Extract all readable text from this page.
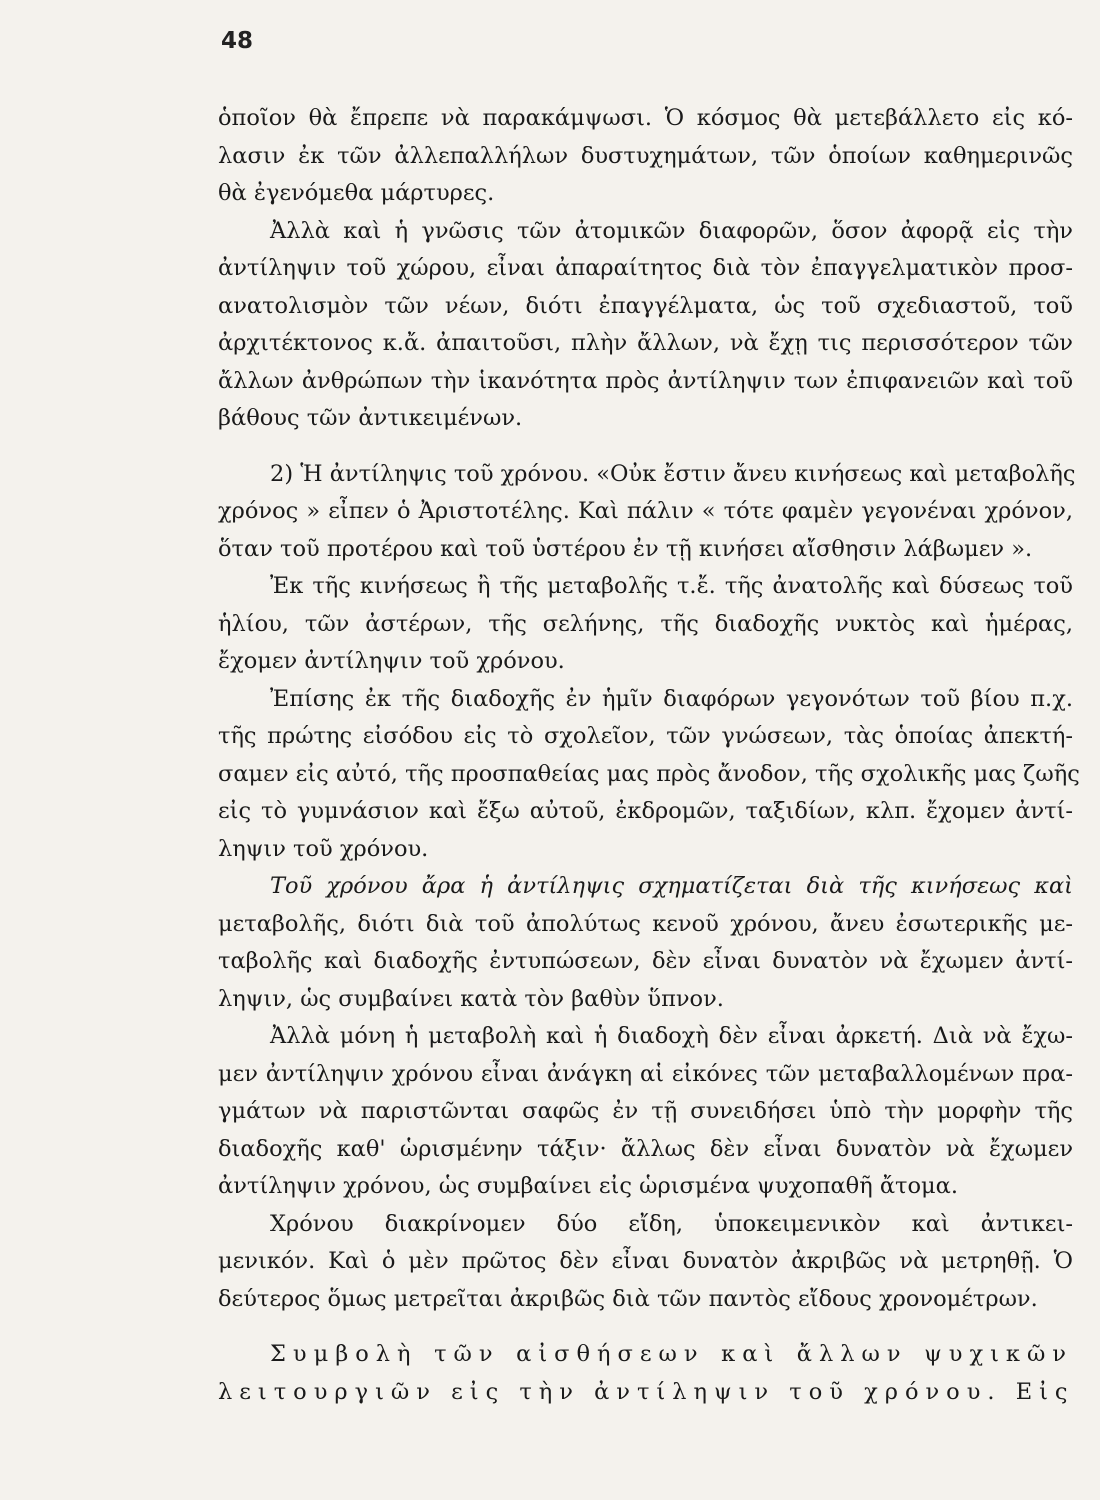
48
ὁποῖον θὰ ἔπρεπε νὰ παρακάμψωσι. Ὁ κόσμος θὰ μετεβάλλετο εἰς κό-
λασιν ἐκ τῶν ἀλλεπαλλήλων δυστυχημάτων, τῶν ὁποίων καθημερινῶς
θὰ ἐγενόμεθα μάρτυρες.
Ἀλλὰ καὶ ἡ γνῶσις τῶν ἀτομικῶν διαφορῶν, ὅσον ἀφορᾷ εἰς τὴν
ἀντίληψιν τοῦ χώρου, εἶναι ἀπαραίτητος διὰ τὸν ἐπαγγελματικὸν προσ-
ανατολισμὸν τῶν νέων, διότι ἐπαγγέλματα, ὡς τοῦ σχεδιαστοῦ, τοῦ
ἀρχιτέκτονος κ.ἄ. ἀπαιτοῦσι, πλὴν ἄλλων, νὰ ἔχῃ τις περισσότερον τῶν
ἄλλων ἀνθρώπων τὴν ἱκανότητα πρὸς ἀντίληψιν των ἐπιφανειῶν καὶ τοῦ
βάθους τῶν ἀντικειμένων.
2) Ἡ ἀντίληψις τοῦ χρόνου. «Οὐκ ἔστιν ἄνευ κινήσεως καὶ μεταβολῆς
χρόνος » εἶπεν ὁ Ἀριστοτέλης. Καὶ πάλιν « τότε φαμὲν γεγονέναι χρόνον,
ὅταν τοῦ προτέρου καὶ τοῦ ὑστέρου ἐν τῇ κινήσει αἴσθησιν λάβωμεν ».
Ἐκ τῆς κινήσεως ἢ τῆς μεταβολῆς τ.ἔ. τῆς ἀνατολῆς καὶ δύσεως τοῦ
ἡλίου, τῶν ἀστέρων, τῆς σελήνης, τῆς διαδοχῆς νυκτὸς καὶ ἡμέρας,
ἔχομεν ἀντίληψιν τοῦ χρόνου.
Ἐπίσης ἐκ τῆς διαδοχῆς ἐν ἡμῖν διαφόρων γεγονότων τοῦ βίου π.χ.
τῆς πρώτης εἰσόδου εἰς τὸ σχολεῖον, τῶν γνώσεων, τὰς ὁποίας ἀπεκτή-
σαμεν εἰς αὐτό, τῆς προσπαθείας μας πρὸς ἄνοδον, τῆς σχολικῆς μας ζωῆς
εἰς τὸ γυμνάσιον καὶ ἔξω αὐτοῦ, ἐκδρομῶν, ταξιδίων, κλπ. ἔχομεν ἀντί-
ληψιν τοῦ χρόνου.
Τοῦ χρόνου ἄρα ἡ ἀντίληψις σχηματίζεται διὰ τῆς κινήσεως καὶ
μεταβολῆς, διότι διὰ τοῦ ἀπολύτως κενοῦ χρόνου, ἄνευ ἐσωτερικῆς με-
ταβολῆς καὶ διαδοχῆς ἐντυπώσεων, δὲν εἶναι δυνατὸν νὰ ἔχωμεν ἀντί-
ληψιν, ὡς συμβαίνει κατὰ τὸν βαθὺν ὕπνον.
Ἀλλὰ μόνη ἡ μεταβολὴ καὶ ἡ διαδοχὴ δὲν εἶναι ἀρκετή. Διὰ νὰ ἔχω-
μεν ἀντίληψιν χρόνου εἶναι ἀνάγκη αἱ εἰκόνες τῶν μεταβαλλομένων πρα-
γμάτων νὰ παριστῶνται σαφῶς ἐν τῇ συνειδήσει ὑπὸ τὴν μορφὴν τῆς
διαδοχῆς καθ' ὡρισμένην τάξιν· ἄλλως δὲν εἶναι δυνατὸν νὰ ἔχωμεν
ἀντίληψιν χρόνου, ὡς συμβαίνει εἰς ὡρισμένα ψυχοπαθῆ ἄτομα.
Χρόνου διακρίνομεν δύο εἴδη, ὑποκειμενικὸν καὶ ἀντικει-
μενικόν. Καὶ ὁ μὲν πρῶτος δὲν εἶναι δυνατὸν ἀκριβῶς νὰ μετρηθῇ. Ὁ
δεύτερος ὅμως μετρεῖται ἀκριβῶς διὰ τῶν παντὸς εἴδους χρονομέτρων.
Συμβολὴ τῶν αἰσθήσεων καὶ ἄλλων ψυχικῶν
λειτουργιῶν εἰς τὴν ἀντίληψιν τοῦ χρόνου. Εἰς
